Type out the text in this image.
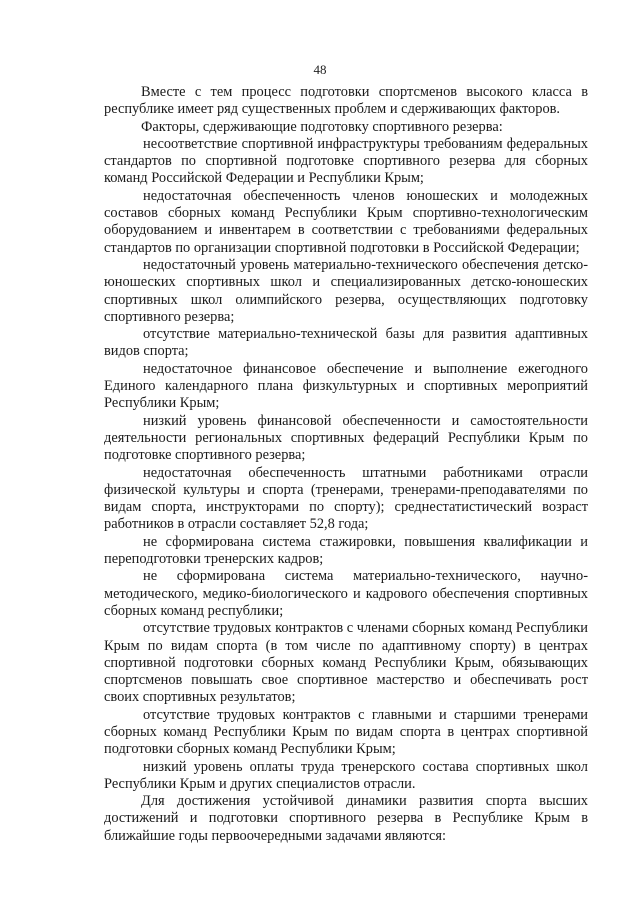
48

Вместе с тем процесс подготовки спортсменов высокого класса в республике имеет ряд существенных проблем и сдерживающих факторов.

Факторы, сдерживающие подготовку спортивного резерва:

несоответствие спортивной инфраструктуры требованиям федеральных стандартов по спортивной подготовке спортивного резерва для сборных команд Российской Федерации и Республики Крым;

недостаточная обеспеченность членов юношеских и молодежных составов сборных команд Республики Крым спортивно-технологическим оборудованием и инвентарем в соответствии с требованиями федеральных стандартов по организации спортивной подготовки в Российской Федерации;

недостаточный уровень материально-технического обеспечения детско-юношеских спортивных школ и специализированных детско-юношеских спортивных школ олимпийского резерва, осуществляющих подготовку спортивного резерва;

отсутствие материально-технической базы для развития адаптивных видов спорта;

недостаточное финансовое обеспечение и выполнение ежегодного Единого календарного плана физкультурных и спортивных мероприятий Республики Крым;

низкий уровень финансовой обеспеченности и самостоятельности деятельности региональных спортивных федераций Республики Крым по подготовке спортивного резерва;

недостаточная обеспеченность штатными работниками отрасли физической культуры и спорта (тренерами, тренерами-преподавателями по видам спорта, инструкторами по спорту); среднестатистический возраст работников в отрасли составляет 52,8 года;

не сформирована система стажировки, повышения квалификации и переподготовки тренерских кадров;

не сформирована система материально-технического, научно-методического, медико-биологического и кадрового обеспечения спортивных сборных команд республики;

отсутствие трудовых контрактов с членами сборных команд Республики Крым по видам спорта (в том числе по адаптивному спорту) в центрах спортивной подготовки сборных команд Республики Крым, обязывающих спортсменов повышать свое спортивное мастерство и обеспечивать рост своих спортивных результатов;

отсутствие трудовых контрактов с главными и старшими тренерами сборных команд Республики Крым по видам спорта в центрах спортивной подготовки сборных команд Республики Крым;

низкий уровень оплаты труда тренерского состава спортивных школ Республики Крым и других специалистов отрасли.

Для достижения устойчивой динамики развития спорта высших достижений и подготовки спортивного резерва в Республике Крым в ближайшие годы первоочередными задачами являются:
